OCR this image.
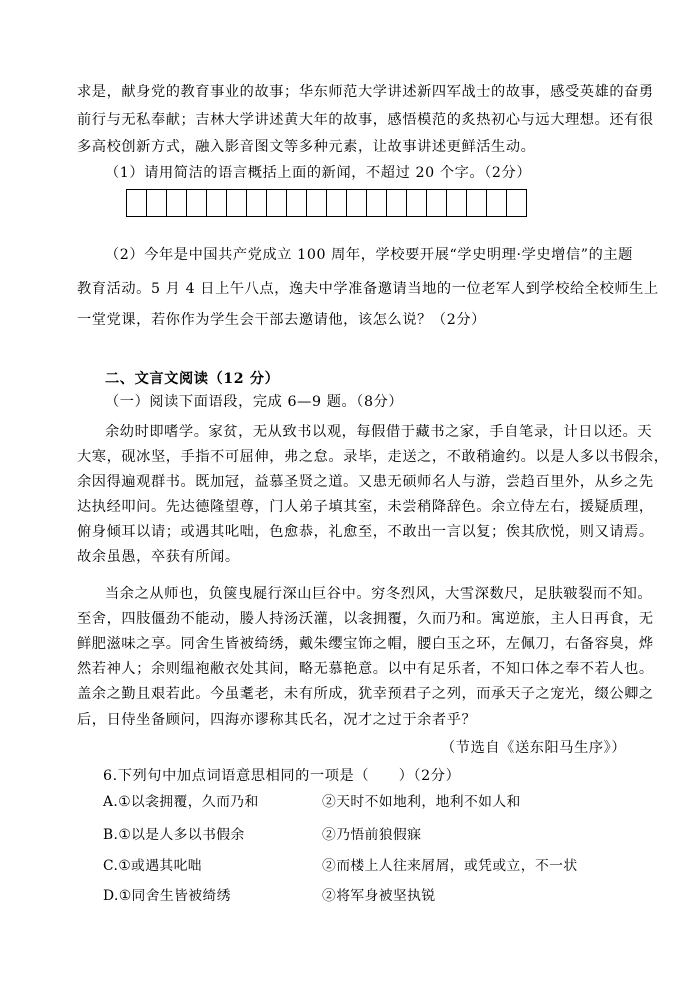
求是，献身党的教育事业的故事；华东师范大学讲述新四军战士的故事，感受英雄的奋勇
前行与无私奉献；吉林大学讲述黄大年的故事，感悟模范的炙热初心与远大理想。还有很
多高校创新方式，融入影音图文等多种元素，让故事讲述更鲜活生动。
（1）请用简洁的语言概括上面的新闻，不超过 20 个字。（2分）
（2）今年是中国共产党成立 100 周年，学校要开展“学史明理·学史增信”的主题
教育活动。5 月 4 日上午八点，逸夫中学准备邀请当地的一位老军人到学校给全校师生上
一堂党课，若你作为学生会干部去邀请他，该怎么说？（2分）
二、文言文阅读（12 分）
（一）阅读下面语段，完成 6—9 题。（8分）
余幼时即嗜学。家贫，无从致书以观，每假借于藏书之家，手自笔录，计日以还。天
大寒，砚冰坚，手指不可屈伸，弗之怠。录毕，走送之，不敢稍逾约。以是人多以书假余，
余因得遍观群书。既加冠，益慕圣贤之道。又患无硕师名人与游，尝趋百里外，从乡之先
达执经叩问。先达德隆望尊，门人弟子填其室，未尝稍降辞色。余立侍左右，援疑质理，
俯身倾耳以请；或遇其叱咄，色愈恭，礼愈至，不敢出一言以复；俟其欣悦，则又请焉。
故余虽愚，卒获有所闻。
当余之从师也，负箧曳屣行深山巨谷中。穷冬烈风，大雪深数尺，足肤皲裂而不知。
至舍，四肢僵劲不能动，媵人持汤沃灌，以衾拥覆，久而乃和。寓逆旅，主人日再食，无
鲜肥滋味之享。同舍生皆被绮绣，戴朱缨宝饰之帽，腰白玉之环，左佩刀，右备容臭，烨
然若神人；余则缊袍敝衣处其间，略无慕艳意。以中有足乐者，不知口体之奉不若人也。
盖余之勤且艰若此。今虽耄老，未有所成，犹幸预君子之列，而承天子之宠光，缀公卿之
后，日侍坐备顾问，四海亦谬称其氏名，况才之过于余者乎？
（节选自《送东阳马生序》）
6.下列句中加点词语意思相同的一项是（　　）（2分）
A.①以衾拥覆，久而乃和	②天时不如地利，地利不如人和
B.①以是人多以书假余	②乃悟前狼假寐
C.①或遇其叱咄	②而楼上人往来屑屑，或凭或立，不一状
D.①同舍生皆被绮绣	②将军身被坚执锐
